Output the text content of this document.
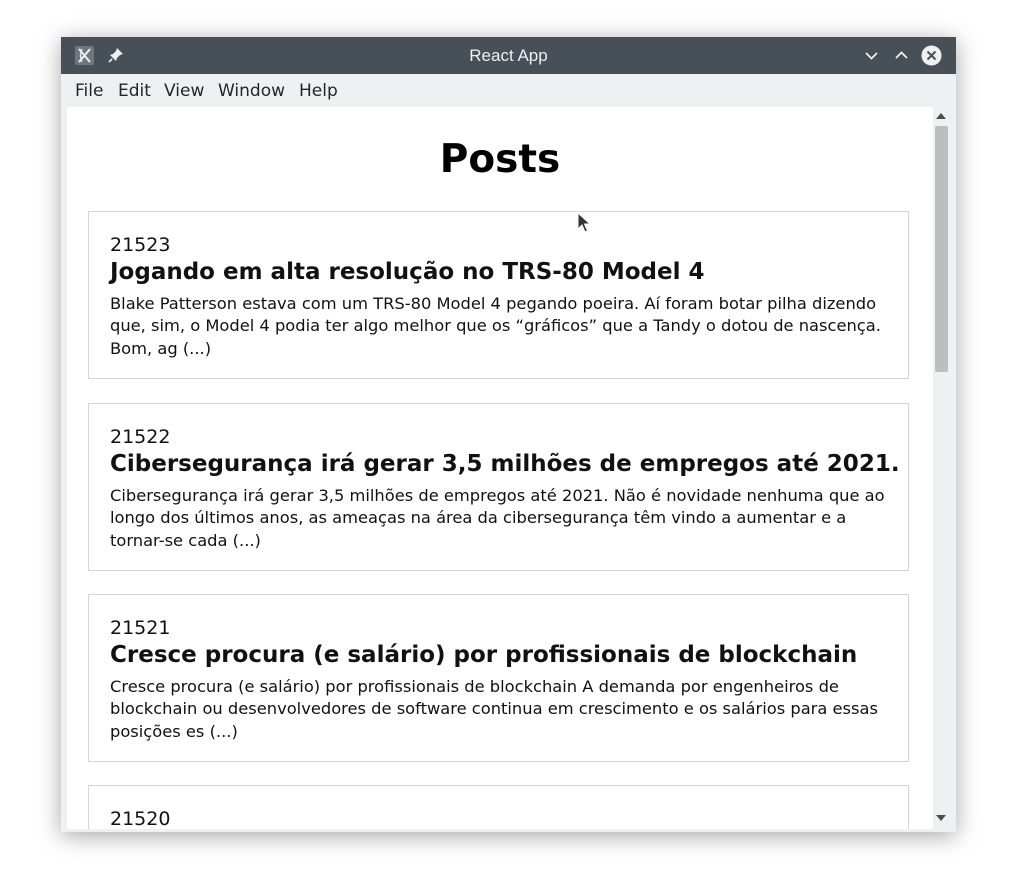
React App
File Edit View Window Help
Posts
21523
Jogando em alta resolução no TRS-80 Model 4

Blake Patterson estava com um TRS-80 Model 4 pegando poeira. Aí foram botar pilha dizendo que, sim, o Model 4 podia ter algo melhor que os “gráficos” que a Tandy o dotou de nascença. Bom, ag (...)

21522
Cibersegurança irá gerar 3,5 milhões de empregos até 2021.

Cibersegurança irá gerar 3,5 milhões de empregos até 2021. Não é novidade nenhuma que ao longo dos últimos anos, as ameaças na área da cibersegurança têm vindo a aumentar e a tornar-se cada (...)

21521
Cresce procura (e salário) por profissionais de blockchain

Cresce procura (e salário) por profissionais de blockchain A demanda por engenheiros de blockchain ou desenvolvedores de software continua em crescimento e os salários para essas posições es (...)

21520
